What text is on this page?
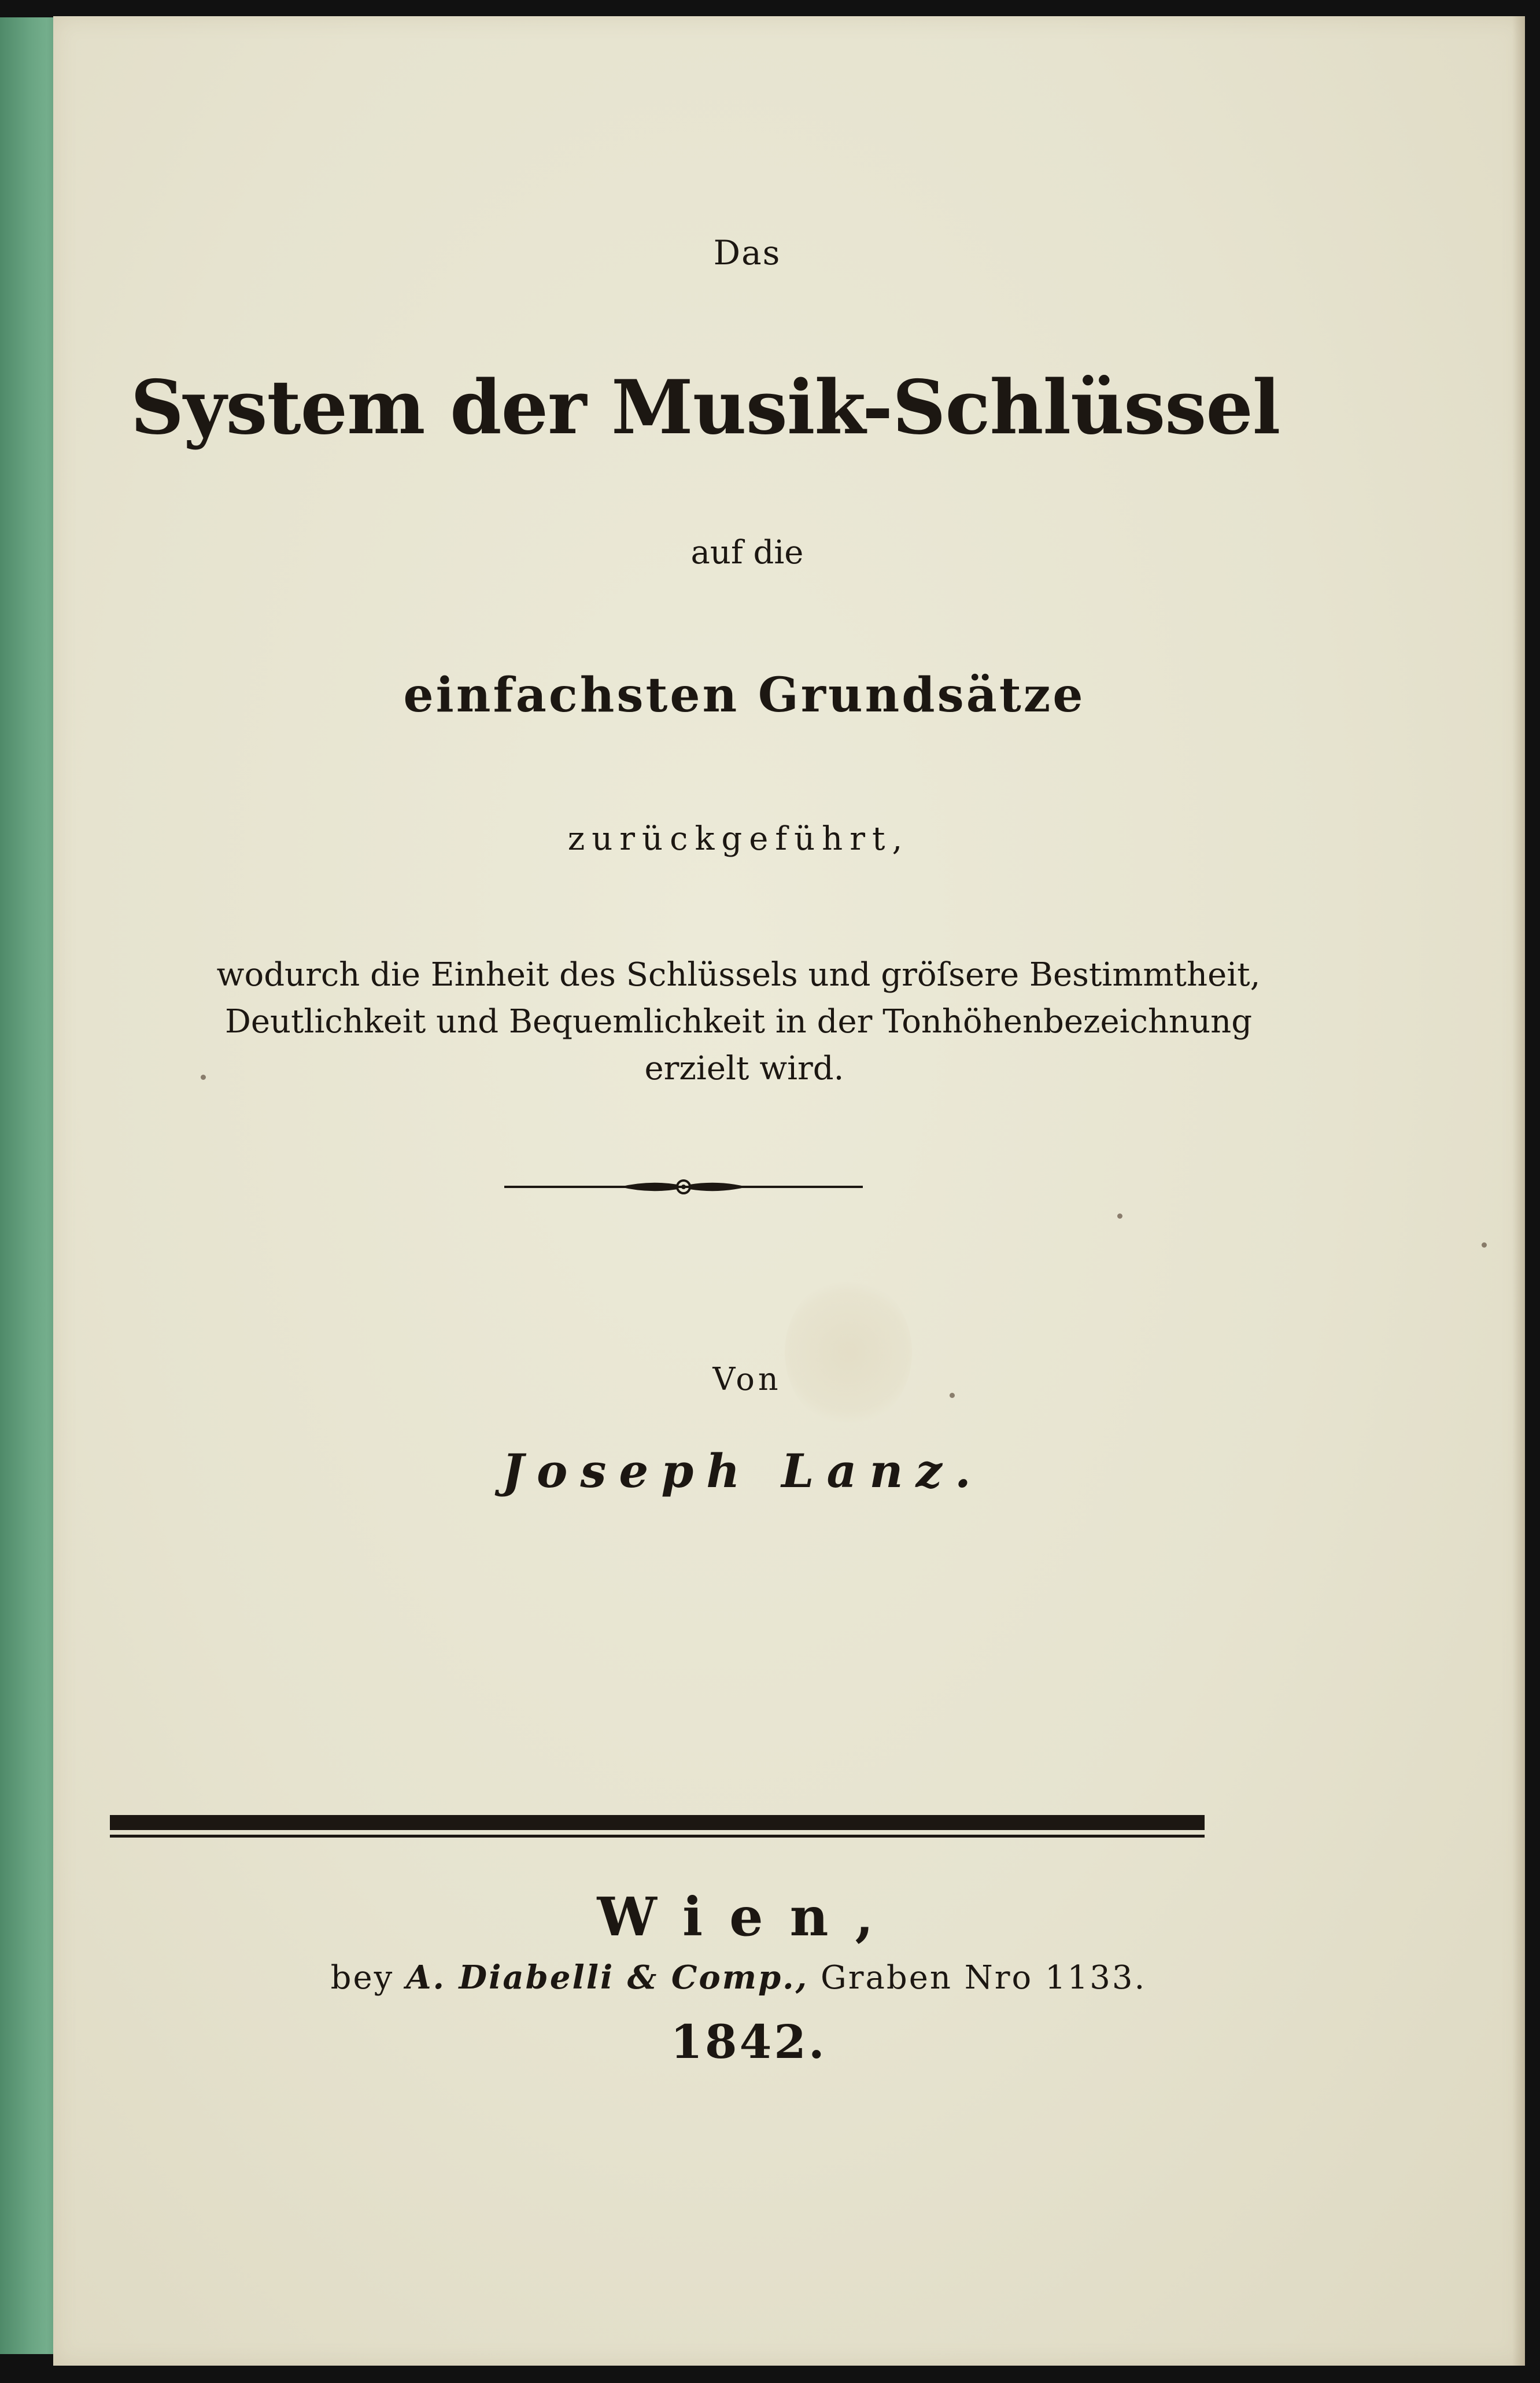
Das
System der Musik-Schlüssel
auf die
einfachsten Grundsätze
zurückgeführt,
wodurch die Einheit des Schlüssels und gröſsere Bestimmtheit,
Deutlichkeit und Bequemlichkeit in der Tonhöhenbezeichnung
erzielt wird.
Von
Joseph Lanz.
Wien,
bey A. Diabelli & Comp., Graben Nro 1133.
1842.
